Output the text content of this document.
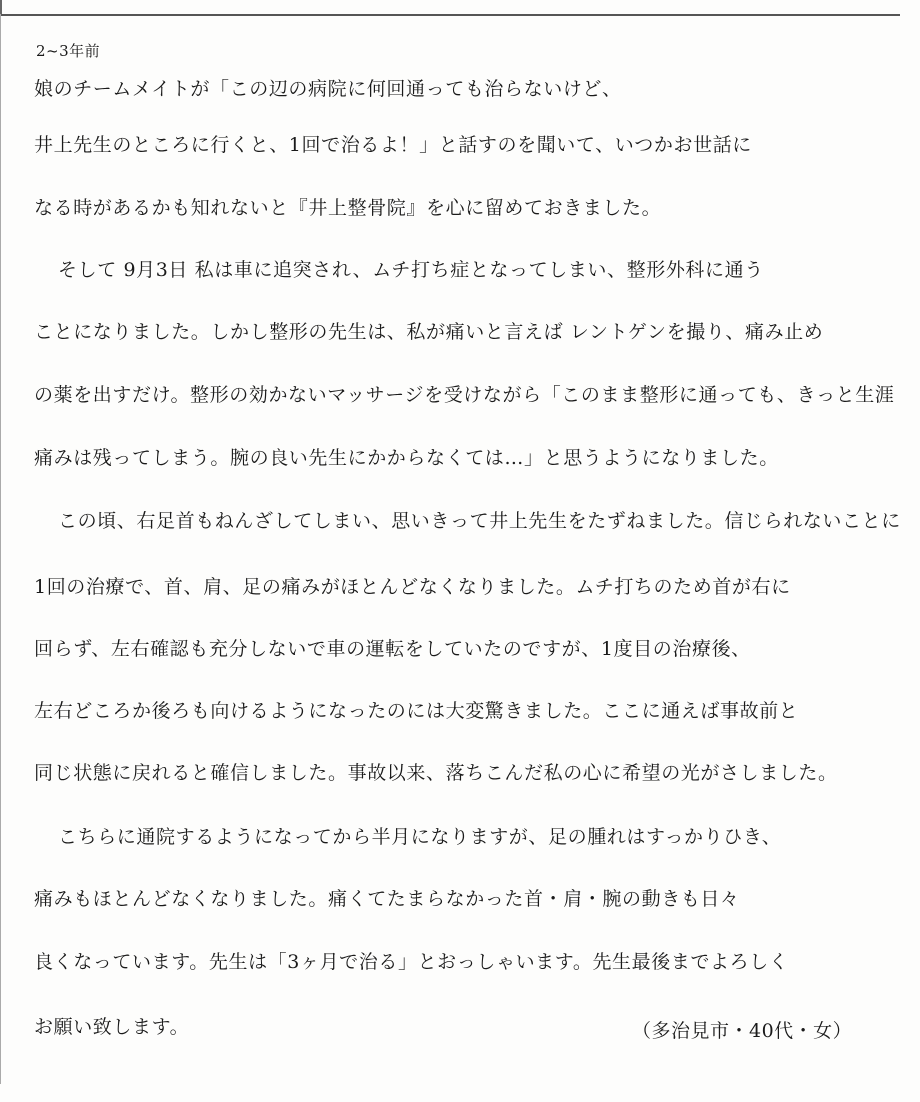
2~3年前
娘のチームメイトが「この辺の病院に何回通っても治らないけど、
井上先生のところに行くと、1回で治るよ！」と話すのを聞いて、いつかお世話に
なる時があるかも知れないと『井上整骨院』を心に留めておきました。
そして 9月3日 私は車に追突され、ムチ打ち症となってしまい、整形外科に通う
ことになりました。しかし整形の先生は、私が痛いと言えば レントゲンを撮り、痛み止め
の薬を出すだけ。整形の効かないマッサージを受けながら「このまま整形に通っても、きっと生涯
痛みは残ってしまう。腕の良い先生にかからなくては…」と思うようになりました。
この頃、右足首もねんざしてしまい、思いきって井上先生をたずねました。信じられないことに
1回の治療で、首、肩、足の痛みがほとんどなくなりました。ムチ打ちのため首が右に
回らず、左右確認も充分しないで車の運転をしていたのですが、1度目の治療後、
左右どころか後ろも向けるようになったのには大変驚きました。ここに通えば事故前と
同じ状態に戻れると確信しました。事故以来、落ちこんだ私の心に希望の光がさしました。
こちらに通院するようになってから半月になりますが、足の腫れはすっかりひき、
痛みもほとんどなくなりました。痛くてたまらなかった首・肩・腕の動きも日々
良くなっています。先生は「3ヶ月で治る」とおっしゃいます。先生最後までよろしく
お願い致します。	（多治見市・40代・女）
